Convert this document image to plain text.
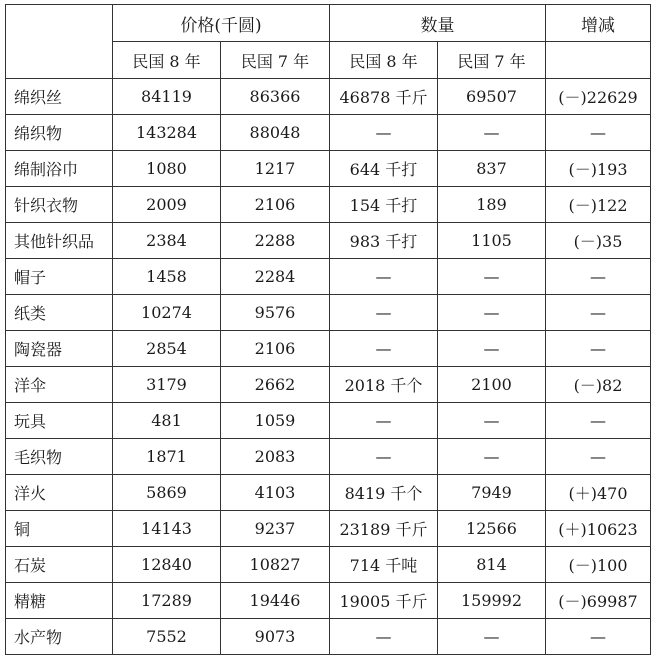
	价格(千圆)		数量		增减
	民国 8 年	民国 7 年	民国 8 年	民国 7 年	
绵织丝	84119	86366	46878 千斤	69507	(－)22629
绵织物	143284	88048	—	—	—
绵制浴巾	1080	1217	644 千打	837	(－)193
针织衣物	2009	2106	154 千打	189	(－)122
其他针织品	2384	2288	983 千打	1105	(－)35
帽子	1458	2284	—	—	—
纸类	10274	9576	—	—	—
陶瓷器	2854	2106	—	—	—
洋伞	3179	2662	2018 千个	2100	(－)82
玩具	481	1059	—	—	—
毛织物	1871	2083	—	—	—
洋火	5869	4103	8419 千个	7949	(＋)470
铜	14143	9237	23189 千斤	12566	(＋)10623
石炭	12840	10827	714 千吨	814	(－)100
精糖	17289	19446	19005 千斤	159992	(－)69987
水产物	7552	9073	—	—	—
